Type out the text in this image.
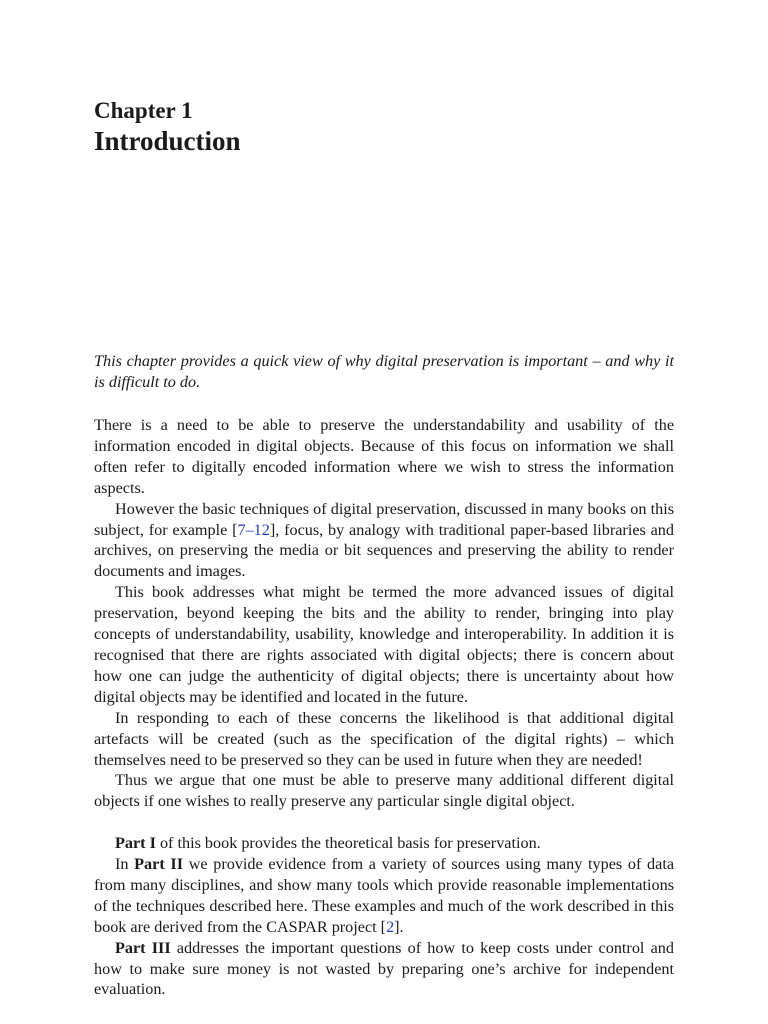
Chapter 1
Introduction

This chapter provides a quick view of why digital preservation is important – and why it is difficult to do.

There is a need to be able to preserve the understandability and usability of the information encoded in digital objects. Because of this focus on information we shall often refer to digitally encoded information where we wish to stress the information aspects.

However the basic techniques of digital preservation, discussed in many books on this subject, for example [7–12], focus, by analogy with traditional paper-based libraries and archives, on preserving the media or bit sequences and preserving the ability to render documents and images.

This book addresses what might be termed the more advanced issues of digital preservation, beyond keeping the bits and the ability to render, bringing into play concepts of understandability, usability, knowledge and interoperability. In addition it is recognised that there are rights associated with digital objects; there is concern about how one can judge the authenticity of digital objects; there is uncertainty about how digital objects may be identified and located in the future.

In responding to each of these concerns the likelihood is that additional digital artefacts will be created (such as the specification of the digital rights) – which themselves need to be preserved so they can be used in future when they are needed!

Thus we argue that one must be able to preserve many additional different digital objects if one wishes to really preserve any particular single digital object.

Part I of this book provides the theoretical basis for preservation.

In Part II we provide evidence from a variety of sources using many types of data from many disciplines, and show many tools which provide reasonable implementations of the techniques described here. These examples and much of the work described in this book are derived from the CASPAR project [2].

Part III addresses the important questions of how to keep costs under control and how to make sure money is not wasted by preparing one’s archive for independent evaluation.
